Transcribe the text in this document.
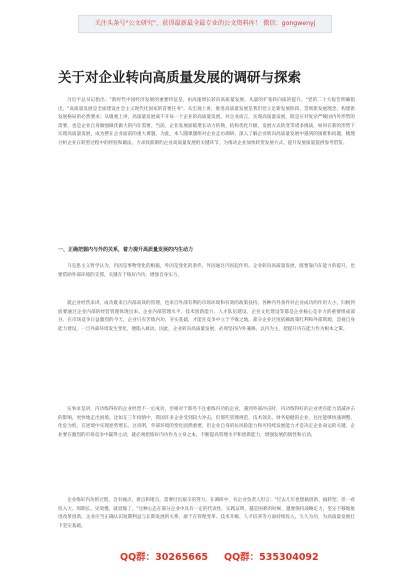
关注头条号"公文研究"，获得最新最全最专业的公文资料库！ 微信：gongwenyj
关于对企业转向高质量发展的调研与探索

习近平总书记指出："新时代中国经济发展的重要特征是，由高速增长转向高质量发展、从量的扩张转向质的提升。"党的二十大报告明确指出，"高质量发展是全面建设社会主义现代化国家的首要任务"。从宏观上讲，推进高质量发展是我们党立足新发展阶段、贯彻新发展理念、构建新发展格局的必然要求；从微观上讲，高质量发展离不开每一个企业的高质量发展。对企业而言，实现高质量发展，既是应对复杂严峻国内外形势的需要，也是企业自身做强做优做大的内在需要。当前，企业发展面临增长动力转换、结构优化升级、发展方式转变等诸多挑战，如何在新的形势下实现高质量发展，成为摆在企业面前的重大课题。为此，本人随课题组对企业走访调研，深入了解企业转向高质量发展中遇到的困难和问题，梳理分析企业在转型过程中的经验和做法，力求找准制约企业高质量发展的关键环节，为推动企业加快转变发展方式、提升发展质量提供参考借鉴。

一、正确把握内与外的关系，着力提升高质量发展的内生动力

马克思主义哲学认为，内因是事物变化的根据，外因是变化的条件，外因通过内因起作用。企业转向高质量发展，既要靠内在能力的提升，也要借助外部环境的支撑，关键在于练好内功，增强自身实力。

就企业经营来讲，成功既来自内部高效的管理，也来自外部有利的市场环境和有效的政策扶持。各种内外条件对企业成功的作用大小，归根到底要通过企业内部的经营管理体现出来。企业内部管理水平、技术创新能力、人才队伍建设、企业文化建设等都是企业核心竞争力的重要组成部分。在市场竞争日益激烈的今天，企业只有苦练内功、夯实基础，才能在竞争中立于不败之地。部分企业过度依赖政策红利和外部资源，忽视自身能力建设，一旦外部环境发生变化，便陷入被动。因此，企业转向高质量发展，必须坚持内外兼修、以内为主，把提升内在能力作为根本之策。

实事求是讲，内功练得好的企业经营不一定成功，但相对于那些不注重练内功的企业，遇到外部冲击时，内功练得好的企业更有能力消减冲击的影响，更快地走出困境。比如在三年疫情中，我国许多企业受到较大冲击，但那些管理规范、技术领先、财务稳健的企业，往往能够快速调整、化危为机，在逆境中实现逆势增长。这说明，外部环境的变化固然重要，但企业自身的抗风险能力和可持续发展能力才是决定企业命运的关键。企业要在激烈的市场竞争中赢得主动，就必须把练好内功作为立身之本，不断提高管理水平和创新能力，增强发展的韧性和后劲。

企业练好内功的过程，会有痛点、难点和堵点，需要付出艰辛的努力。在调研中，有企业负责人坦言："过去几年也想搞创新、搞转型，但一看投入大、周期长、见效慢，就退缩了。"这种心态在部分企业中具有一定的代表性。实践证明，越是困难的时候，越要保持战略定力，坚定不移地推进改革创新。企业应当正确认识短期利益与长期发展的关系，敢于在管理变革、技术升级、人才培养等方面持续投入，久久为功，为高质量发展打下坚实基础。

QQ群：30265665 QQ群：535304092
